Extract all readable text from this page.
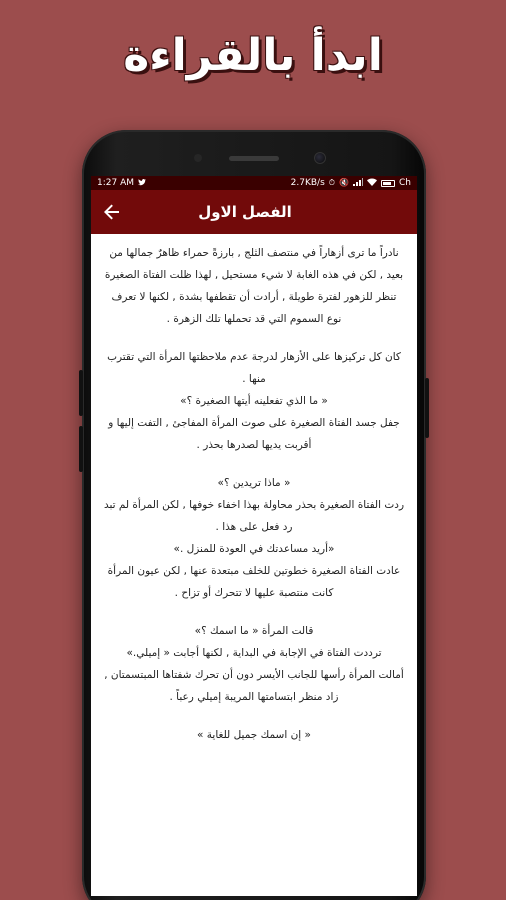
ابدأ بالقراءة
1:27 AM	2.7KB/s ⏱ 🔇	Ch
الفصل الاول

نادراً ما ترى أزهاراً في منتصف الثلج , بارزةً حمراء ظاهرٌ جمالها من بعيد , لكن في هذه الغابة لا شيء مستحيل , لهذا ظلت الفتاة الصغيرة تنظر للزهور لفترة طويلة , أرادت أن تقطفها بشدة , لكنها لا تعرف نوع السموم التي قد تحملها تلك الزهرة .

كان كل تركيزها على الأزهار لدرجة عدم ملاحظتها المرأة التي تقترب منها .

« ما الذي تفعلينه أيتها الصغيرة ؟»

جفل جسد الفتاة الصغيرة على صوت المرأة المفاجئ , التفت إليها و أقربت يديها لصدرها بحذر .

« ماذا تريدين ؟»

ردت الفتاة الصغيرة بحذر محاولة بهذا اخفاء خوفها , لكن المرأة لم تبد رد فعل على هذا .

«أريد مساعدتك في العودة للمنزل .»

عادت الفتاة الصغيرة خطوتين للخلف مبتعدة عنها , لكن عيون المرأة كانت منتصبة عليها لا تتحرك أو تزاح .

قالت المرأة « ما اسمك ؟»

ترددت الفتاة في الإجابة في البداية , لكنها أجابت « إميلي.»

أمالت المرأة رأسها للجانب الأيسر دون أن تحرك شفتاها المبتسمتان , زاد منظر ابتسامتها المريبة إميلي رعباً .

« إن اسمك جميل للغاية »
